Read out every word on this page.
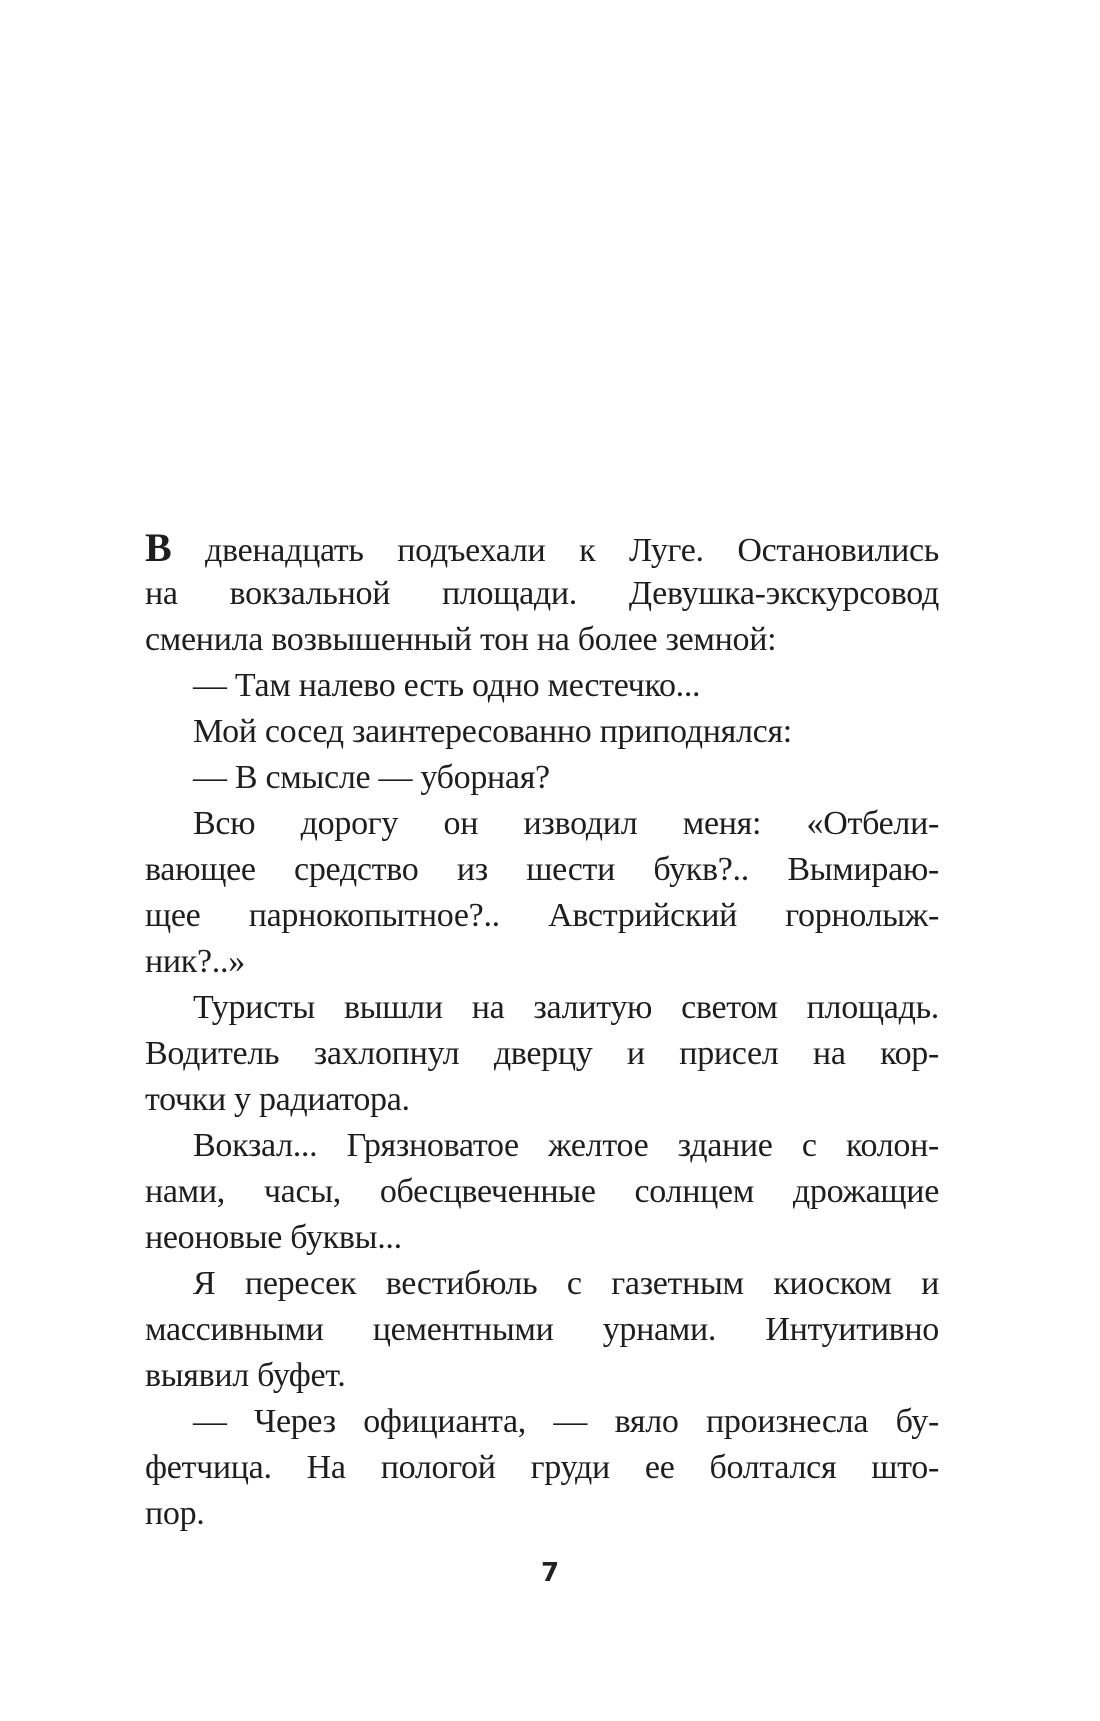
В двенадцать подъехали к Луге. Остановились
на вокзальной площади. Девушка-экскурсовод
сменила возвышенный тон на более земной:
— Там налево есть одно местечко...
Мой сосед заинтересованно приподнялся:
— В смысле — уборная?
Всю дорогу он изводил меня: «Отбели-
вающее средство из шести букв?.. Вымираю-
щее парнокопытное?.. Австрийский горнолыж-
ник?..»
Туристы вышли на залитую светом площадь.
Водитель захлопнул дверцу и присел на кор-
точки у радиатора.
Вокзал... Грязноватое желтое здание с колон-
нами, часы, обесцвеченные солнцем дрожащие
неоновые буквы...
Я пересек вестибюль с газетным киоском и
массивными цементными урнами. Интуитивно
выявил буфет.
— Через официанта, — вяло произнесла бу-
фетчица. На пологой груди ее болтался што-
пор.
7
